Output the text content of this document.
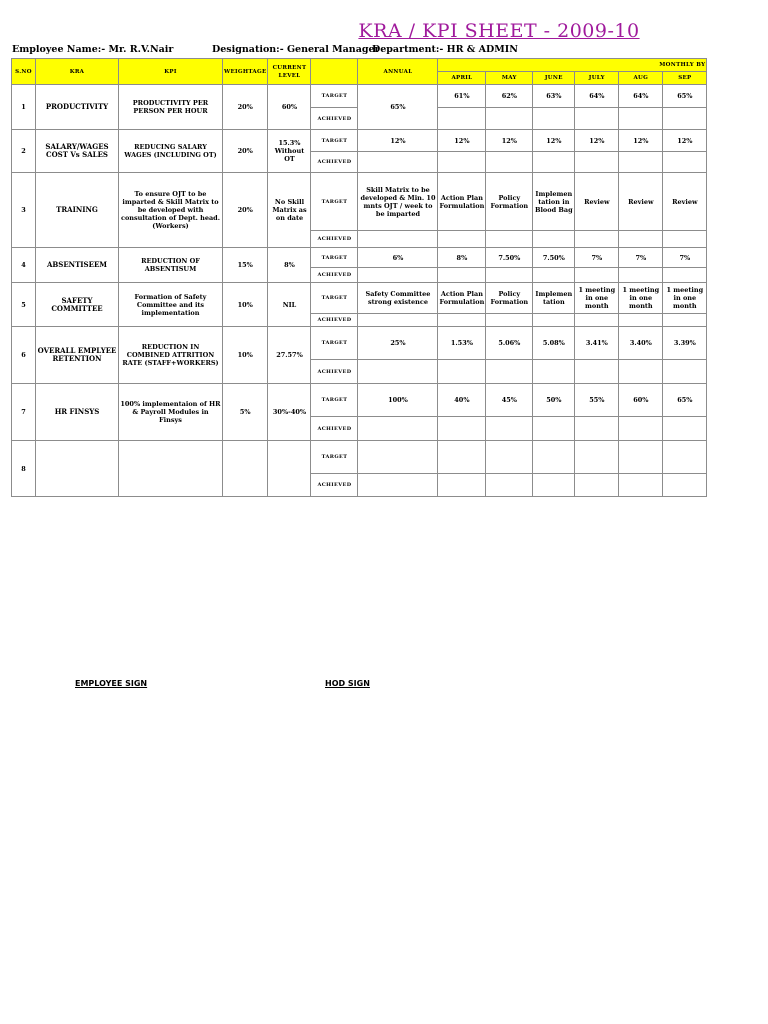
KRA / KPI SHEET - 2009-10
Employee Name:- Mr. R.V.Nair	Designation:- General Manager
Department:- HR & ADMIN
S.NO	KRA	KPI	WEIGHTAGE	CURRENT LEVEL		ANNUAL	MONTHLY BY					
							APRIL	MAY	JUNE	JULY	AUG	SEP
1	PRODUCTIVITY	PRODUCTIVITY PER PERSON PER HOUR	20%	60%	TARGET	65%	61%	62%	63%	64%	64%	65%
					ACHIEVED							
2	SALARY/WAGES COST Vs SALES	REDUCING SALARY WAGES (INCLUDING OT)	20%	15.3% Without OT	TARGET	12%	12%	12%	12%	12%	12%	12%
					ACHIEVED							
3	TRAINING	To ensure OJT to be imparted & Skill Matrix to be developed with consultation of Dept. head.(Workers)	20%	No Skill Matrix as on date	TARGET	Skill Matrix to be developed & Min. 10 mnts OJT / week to be imparted	Action Plan Formulation	Policy Formation	Implemen tation in Blood Bag	Review	Review	Review
					ACHIEVED							
4	ABSENTISEEM	REDUCTION OF ABSENTISUM	15%	8%	TARGET	6%	8%	7.50%	7.50%	7%	7%	7%
					ACHIEVED							
5	SAFETY COMMITTEE	Formation of Safety Committee and its implementation	10%	NIL	TARGET	Safety Committee strong existence	Action Plan Formulation	Policy Formation	Implemen tation	1 meeting in one month	1 meeting in one month	1 meeting in one month
					ACHIEVED							
6	OVERALL EMPLYEE RETENTION	REDUCTION IN COMBINED ATTRITION RATE (STAFF+WORKERS)	10%	27.57%	TARGET	25%	1.53%	5.06%	5.08%	3.41%	3.40%	3.39%
					ACHIEVED							
7	HR FINSYS	100% implementaion of HR & Payroll Modules in Finsys	5%	30%-40%	TARGET	100%	40%	45%	50%	55%	60%	65%
					ACHIEVED							
8					TARGET							
					ACHIEVED							
EMPLOYEE SIGN	HOD SIGN
